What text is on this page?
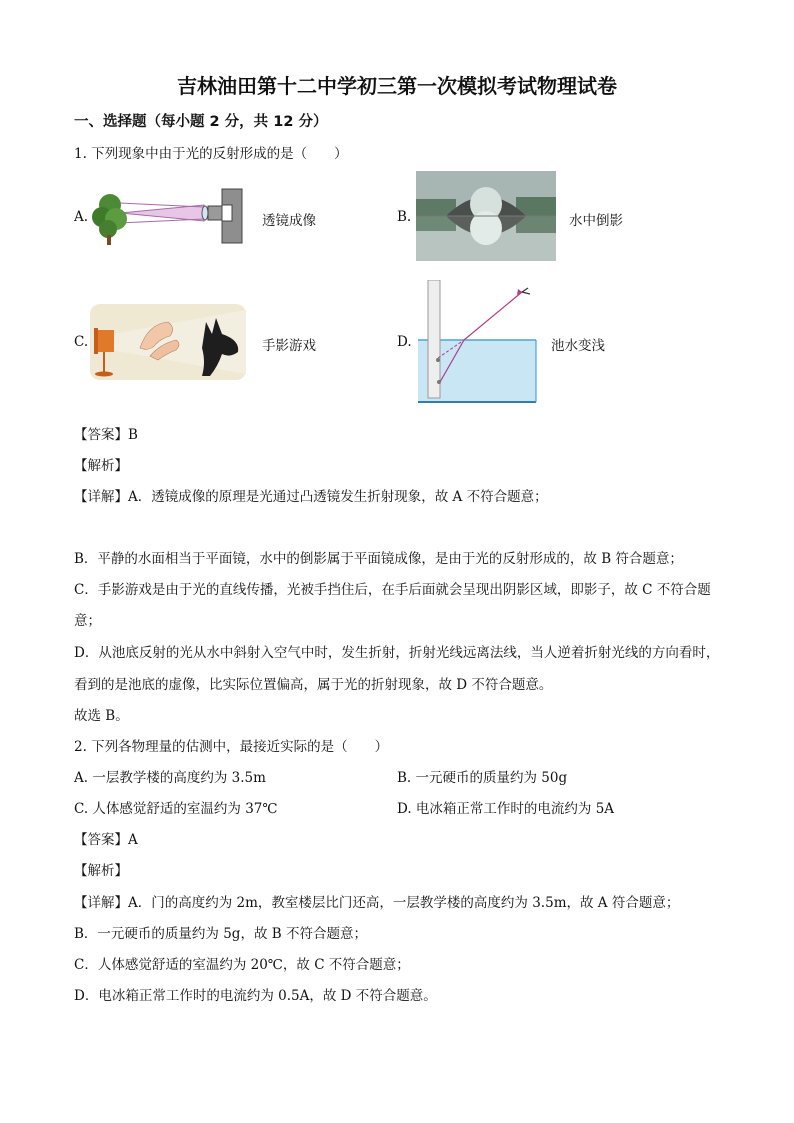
吉林油田第十二中学初三第一次模拟考试物理试卷
一、选择题（每小题 2 分，共 12 分）
1. 下列现象中由于光的反射形成的是（　　）
A.	透镜成像	B.	水中倒影
C.	手影游戏	D.	池水变浅
【答案】B
【解析】
【详解】A．透镜成像的原理是光通过凸透镜发生折射现象，故 A 不符合题意；
B．平静的水面相当于平面镜，水中的倒影属于平面镜成像，是由于光的反射形成的，故 B 符合题意；
C．手影游戏是由于光的直线传播，光被手挡住后，在手后面就会呈现出阴影区域，即影子，故 C 不符合题
意；
D．从池底反射的光从水中斜射入空气中时，发生折射，折射光线远离法线，当人逆着折射光线的方向看时，
看到的是池底的虚像，比实际位置偏高，属于光的折射现象，故 D 不符合题意。
故选 B。
2. 下列各物理量的估测中，最接近实际的是（　　）
A. 一层教学楼的高度约为 3.5m	B. 一元硬币的质量约为 50g
C. 人体感觉舒适的室温约为 37℃	D. 电冰箱正常工作时的电流约为 5A
【答案】A
【解析】
【详解】A．门的高度约为 2m，教室楼层比门还高，一层教学楼的高度约为 3.5m，故 A 符合题意；
B．一元硬币的质量约为 5g，故 B 不符合题意；
C．人体感觉舒适的室温约为 20℃，故 C 不符合题意；
D．电冰箱正常工作时的电流约为 0.5A，故 D 不符合题意。
